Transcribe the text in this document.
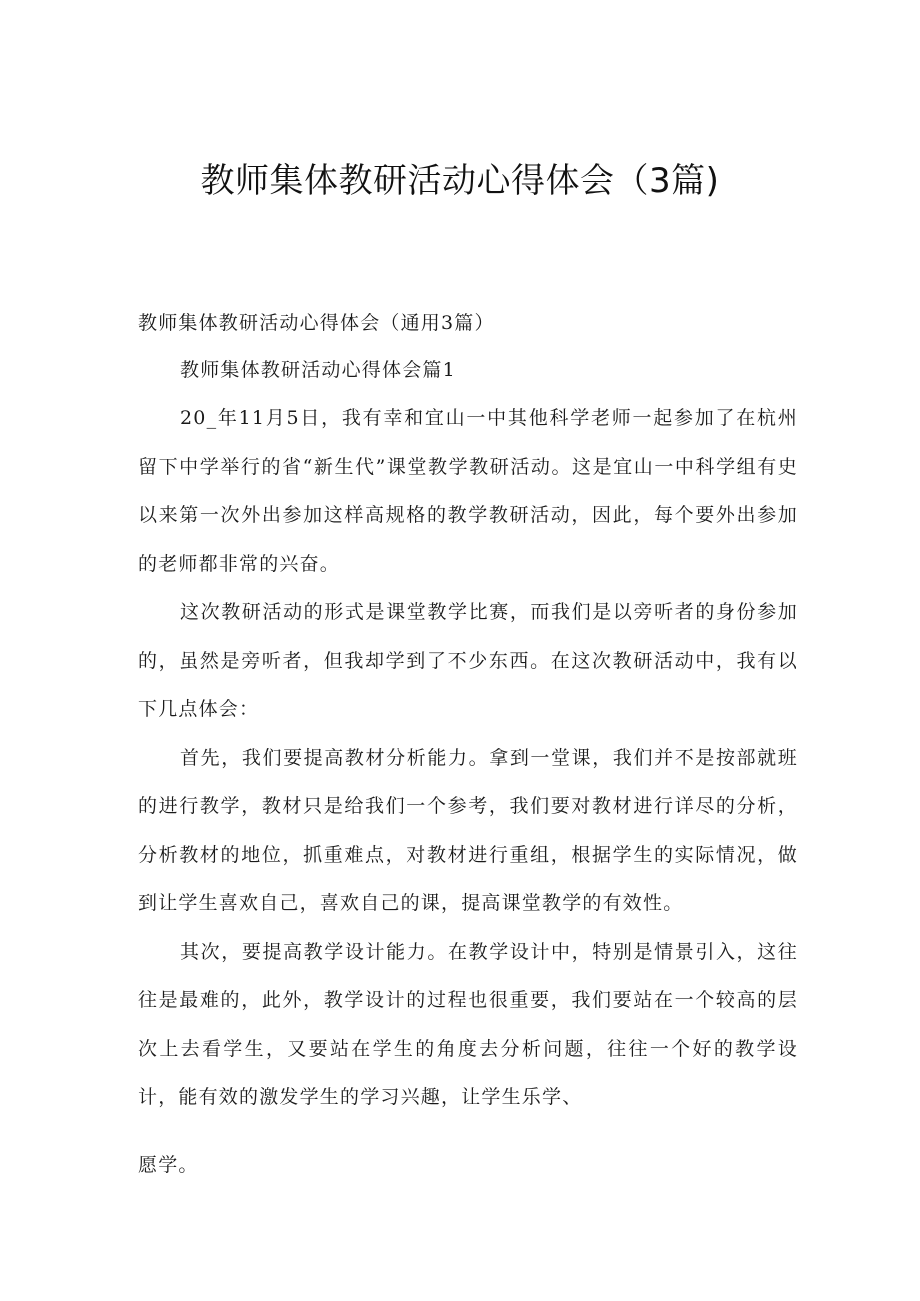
教师集体教研活动心得体会（3篇)
教师集体教研活动心得体会（通用3篇）
教师集体教研活动心得体会篇1

20_年11月5日，我有幸和宜山一中其他科学老师一起参加了在杭州留下中学举行的省“新生代”课堂教学教研活动。这是宜山一中科学组有史以来第一次外出参加这样高规格的教学教研活动，因此，每个要外出参加的老师都非常的兴奋。

这次教研活动的形式是课堂教学比赛，而我们是以旁听者的身份参加的，虽然是旁听者，但我却学到了不少东西。在这次教研活动中，我有以下几点体会：

首先，我们要提高教材分析能力。拿到一堂课，我们并不是按部就班的进行教学，教材只是给我们一个参考，我们要对教材进行详尽的分析，分析教材的地位，抓重难点，对教材进行重组，根据学生的实际情况，做到让学生喜欢自己，喜欢自己的课，提高课堂教学的有效性。

其次，要提高教学设计能力。在教学设计中，特别是情景引入，这往往是最难的，此外，教学设计的过程也很重要，我们要站在一个较高的层次上去看学生，又要站在学生的角度去分析问题，往往一个好的教学设计，能有效的激发学生的学习兴趣，让学生乐学、

愿学。
